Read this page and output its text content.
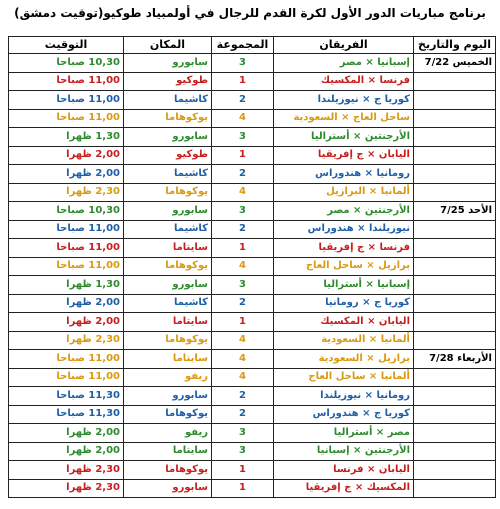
برنامج مباريات الدور الأول لكرة القدم للرجال في أولمبياد طوكيو(توقيت دمشق)
اليوم والتاريخ	الفريقان	المجموعة	المكان	التوقيت
الخميس 7/22	إسبانيا × مصر	3	سابورو	10,30 صباحا
	فرنسا × المكسيك	1	طوكيو	11,00 صباحا
	كوريا ج × نيوزيلندا	2	كاشيما	11,00 صباحا
	ساحل العاج × السعودية	4	يوكوهاما	11,00 صباحا
	الأرجنتين × أستراليا	3	سابورو	1,30 ظهرا
	اليابان × ج إفريقيا	1	طوكيو	2,00 ظهرا
	رومانيا × هندوراس	2	كاشيما	2,00 ظهرا
	ألمانيا × البرازيل	4	يوكوهاما	2,30 ظهرا
الأحد 7/25	الأرجنتين × مصر	3	سابورو	10,30 صباحا
	نيوزيلندا × هندوراس	2	كاشيما	11,00 صباحا
	فرنسا × ج إفريقيا	1	سايتاما	11,00 صباحا
	برازيل × ساحل العاج	4	يوكوهاما	11,00 صباحا
	إسبانيا × أستراليا	3	سابورو	1,30 ظهرا
	كوريا ج × رومانيا	2	كاشيما	2,00 ظهرا
	اليابان × المكسيك	1	سايتاما	2,00 ظهرا
	ألمانيا × السعودية	4	يوكوهاما	2,30 ظهرا
الأربعاء 7/28	برازيل × السعودية	4	سايتاما	11,00 صباحا
	ألمانيا × ساحل العاج	4	ريفو	11,00 صباحا
	رومانيا × نيوزيلندا	2	سابورو	11,30 صباحا
	كوريا ج × هندوراس	2	يوكوهاما	11,30 صباحا
	مصر × أستراليا	3	ريفو	2,00 ظهرا
	الأرجنتين × إسبانيا	3	سايتاما	2,00 ظهرا
	اليابان × فرنسا	1	يوكوهاما	2,30 ظهرا
	المكسيك × ج إفريقيا	1	سابورو	2,30 ظهرا
